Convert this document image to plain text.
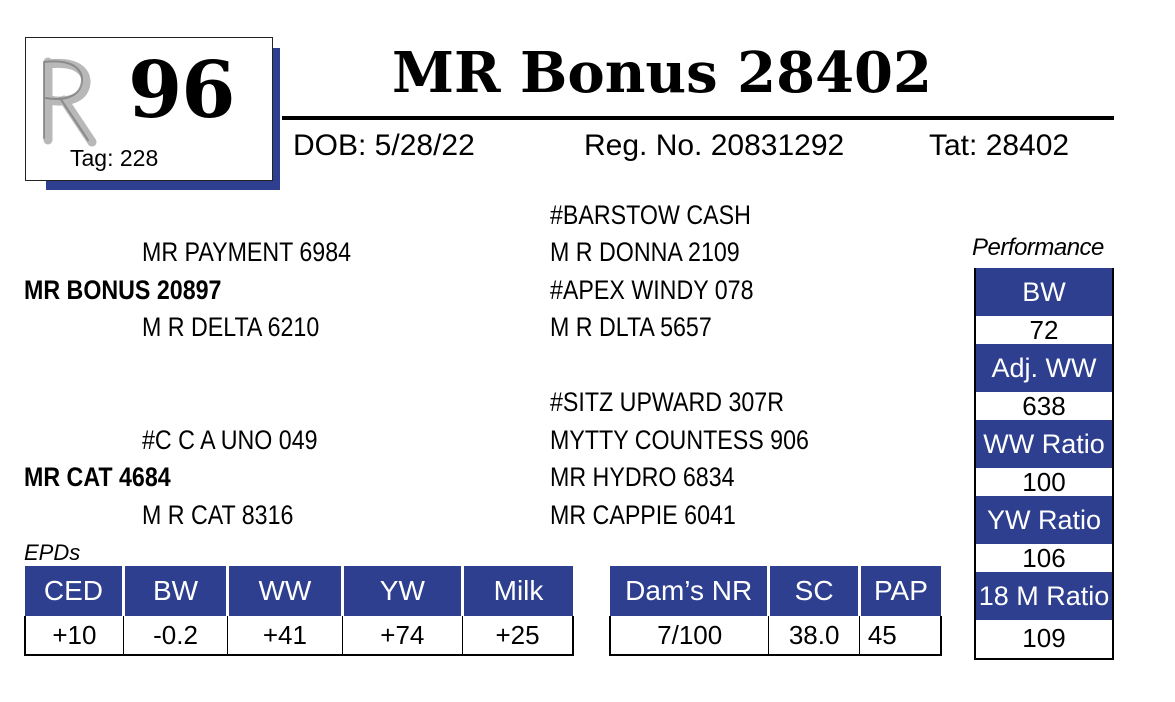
96
Tag: 228
MR Bonus 28402
DOB: 5/28/22	Reg. No. 20831292	Tat: 28402
#BARSTOW CASH
MR PAYMENT 6984	M R DONNA 2109
MR BONUS 20897	#APEX WINDY 078
M R DELTA 6210	M R DLTA 5657
#SITZ UPWARD 307R
#C C A UNO 049	MYTTY COUNTESS 906
MR CAT 4684	MR HYDRO 6834
M R CAT 8316	MR CAPPIE 6041
EPDs
CED	BW	WW	YW	Milk
+10	-0.2	+41	+74	+25
Dam’s NR	SC	PAP
7/100	38.0	45
Performance
BW
72
Adj. WW
638
WW Ratio
100
YW Ratio
106
18 M Ratio
109
